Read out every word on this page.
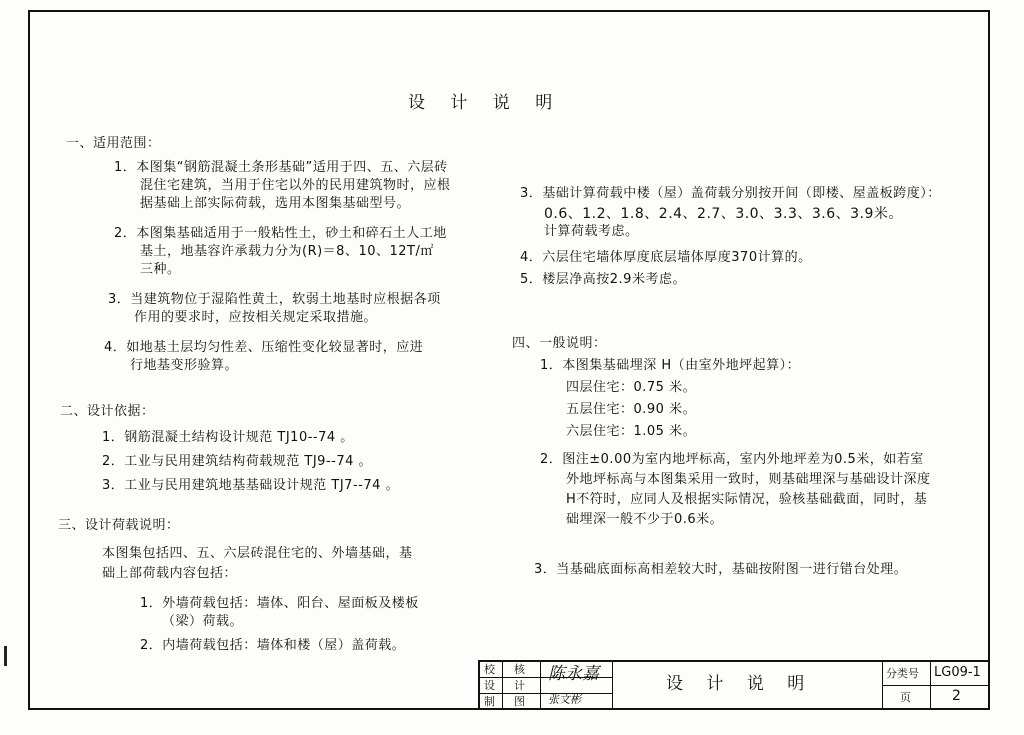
设 计 说 明
一、适用范围：
1．本图集“钢筋混凝土条形基础”适用于四、五、六层砖
混住宅建筑，当用于住宅以外的民用建筑物时，应根
据基础上部实际荷载，选用本图集基础型号。
2．本图集基础适用于一般粘性土，砂土和碎石土人工地
基土，地基容许承载力分为(R)＝8、10、12T/㎡
三种。
3．当建筑物位于湿陷性黄土，软弱土地基时应根据各项
作用的要求时，应按相关规定采取措施。
4．如地基土层均匀性差、压缩性变化较显著时，应进
行地基变形验算。
二、设计依据：
1．钢筋混凝土结构设计规范 TJ10--74 。
2．工业与民用建筑结构荷载规范 TJ9--74 。
3．工业与民用建筑地基基础设计规范 TJ7--74 。
三、设计荷载说明：
本图集包括四、五、六层砖混住宅的、外墙基础，基
础上部荷载内容包括：
1．外墙荷载包括：墙体、阳台、屋面板及楼板
（梁）荷载。
2．内墙荷载包括：墙体和楼（屋）盖荷载。
3．基础计算荷载中楼（屋）盖荷载分别按开间（即楼、屋盖板跨度）：
0.6、1.2、1.8、2.4、2.7、3.0、3.3、3.6、3.9米。
计算荷载考虑。
4．六层住宅墙体厚度底层墙体厚度370计算的。
5．楼层净高按2.9米考虑。
四、一般说明：
1．本图集基础埋深 H（由室外地坪起算）：
四层住宅：0.75 米。
五层住宅：0.90 米。
六层住宅：1.05 米。
2．图注±0.00为室内地坪标高，室内外地坪差为0.5米，如若室
外地坪标高与本图集采用一致时，则基础埋深与基础设计深度
H不符时，应同人及根据实际情况，验核基础截面，同时，基
础埋深一般不少于0.6米。
3．当基础底面标高相差较大时，基础按附图一进行错台处理。
校 核
设 计
制 图
陈永嘉
张文彬
设 计 说 明
分类号 LG09-1
页	2
